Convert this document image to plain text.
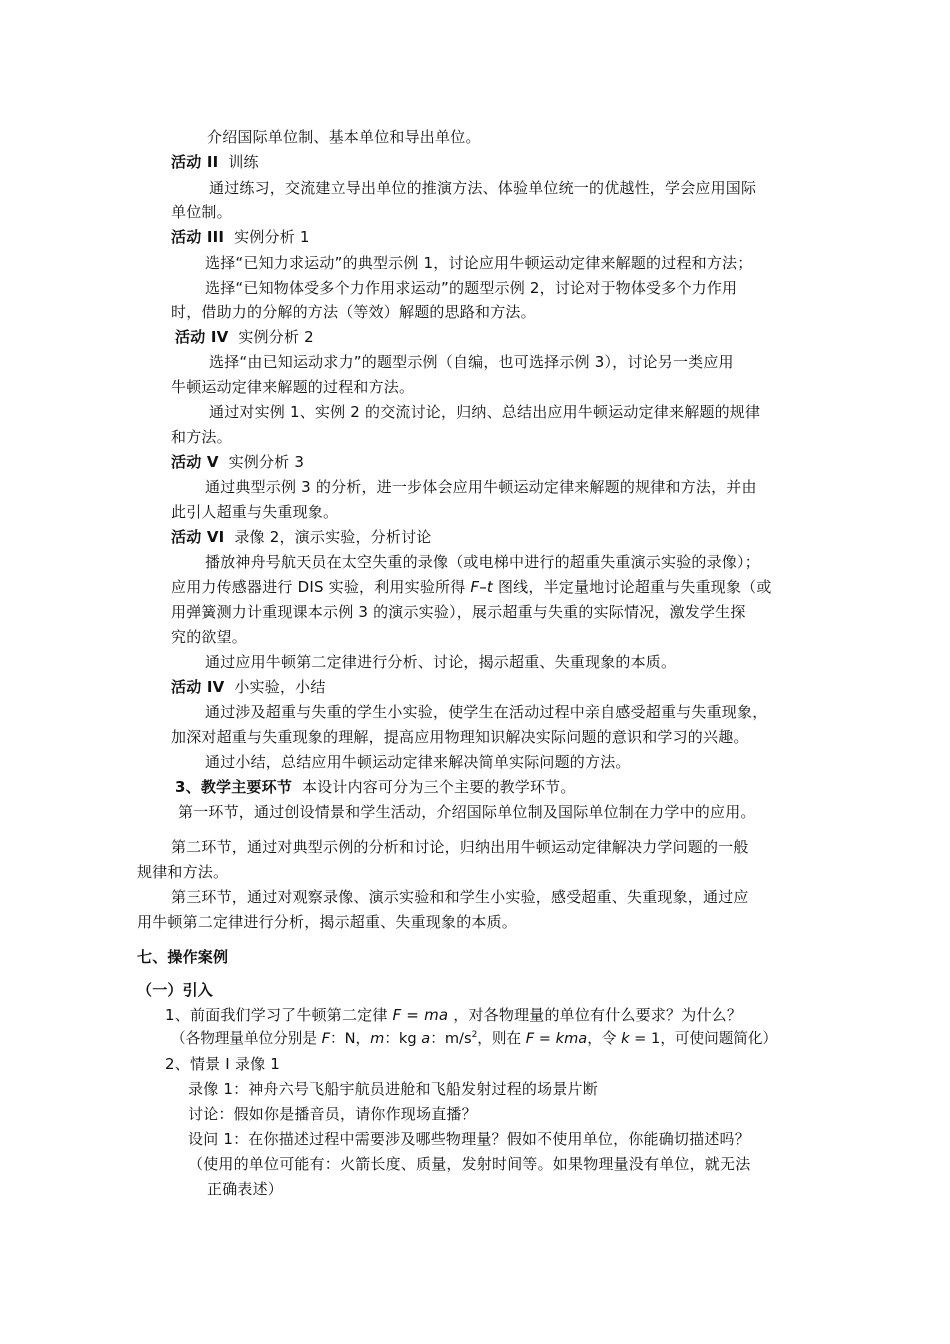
介绍国际单位制、基本单位和导出单位。
活动 II 训练
通过练习，交流建立导出单位的推演方法、体验单位统一的优越性，学会应用国际
单位制。
活动 III 实例分析 1
选择“已知力求运动”的典型示例 1，讨论应用牛顿运动定律来解题的过程和方法；
选择“已知物体受多个力作用求运动”的题型示例 2，讨论对于物体受多个力作用
时，借助力的分解的方法（等效）解题的思路和方法。
活动 IV 实例分析 2
选择“由已知运动求力”的题型示例（自编，也可选择示例 3），讨论另一类应用
牛顿运动定律来解题的过程和方法。
通过对实例 1、实例 2 的交流讨论，归纳、总结出应用牛顿运动定律来解题的规律
和方法。
活动 V 实例分析 3
通过典型示例 3 的分析，进一步体会应用牛顿运动定律来解题的规律和方法，并由
此引人超重与失重现象。
活动 VI 录像 2，演示实验，分析讨论
播放神舟号航天员在太空失重的录像（或电梯中进行的超重失重演示实验的录像）；
应用力传感器进行 DIS 实验，利用实验所得 F–t 图线，半定量地讨论超重与失重现象（或
用弹簧测力计重现课本示例 3 的演示实验），展示超重与失重的实际情况，激发学生探
究的欲望。
通过应用牛顿第二定律进行分析、讨论，揭示超重、失重现象的本质。
活动 IV 小实验，小结
通过涉及超重与失重的学生小实验，使学生在活动过程中亲自感受超重与失重现象，
加深对超重与失重现象的理解，提高应用物理知识解决实际问题的意识和学习的兴趣。
通过小结，总结应用牛顿运动定律来解决简单实际问题的方法。
3、教学主要环节 本设计内容可分为三个主要的教学环节。
第一环节，通过创设情景和学生活动，介绍国际单位制及国际单位制在力学中的应用。
第二环节，通过对典型示例的分析和讨论，归纳出用牛顿运动定律解决力学问题的一般
规律和方法。
第三环节，通过对观察录像、演示实验和和学生小实验，感受超重、失重现象，通过应
用牛顿第二定律进行分析，揭示超重、失重现象的本质。
七、操作案例
（一）引入
1、前面我们学习了牛顿第二定律 F = ma ，对各物理量的单位有什么要求？为什么？
（各物理量单位分别是 F：N，m：kg a：$m/s^2$，则在 F = kma，令 k = 1，可使问题简化）
2、情景 I 录像 1
录像 1：神舟六号飞船宇航员进舱和飞船发射过程的场景片断
讨论：假如你是播音员，请你作现场直播？
设问 1：在你描述过程中需要涉及哪些物理量？假如不使用单位，你能确切描述吗？
（使用的单位可能有：火箭长度、质量，发射时间等。如果物理量没有单位，就无法
正确表述）
